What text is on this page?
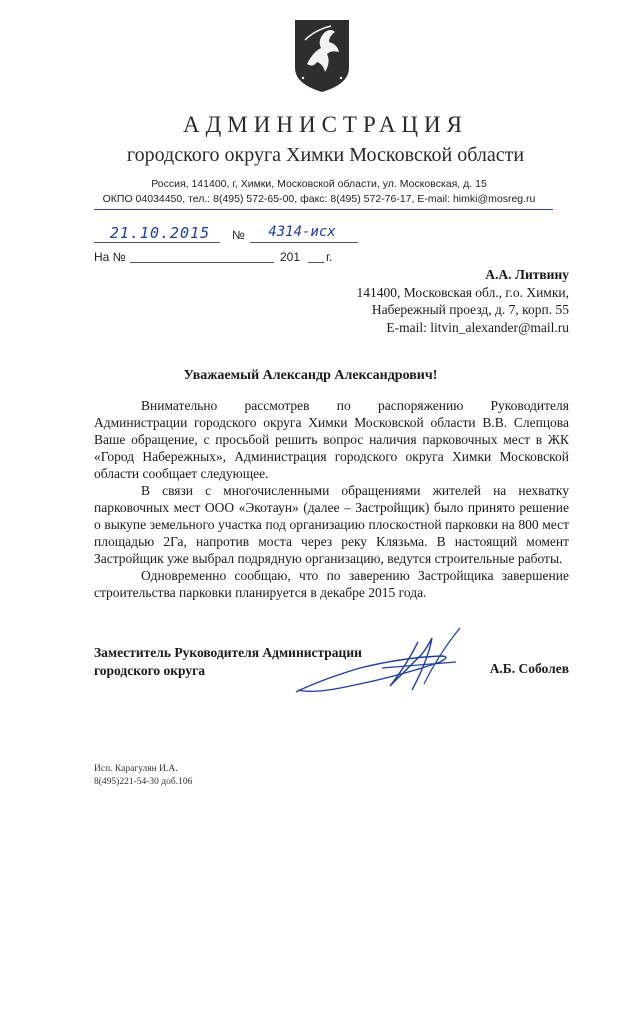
АДМИНИСТРАЦИЯ
городского округа Химки Московской области
Россия, 141400, г, Химки, Московской области, ул. Московская, д. 15
ОКПО 04034450, тел.: 8(495) 572-65-00, факс: 8(495) 572-76-17, E-mail: himki@mosreg.ru
21.10.2015	№	4314-исх
На №	201 г.
А.А. Литвину
141400, Московская обл., г.о. Химки,
Набережный проезд, д. 7, корп. 55
E-mail: litvin_alexander@mail.ru
Уважаемый Александр Александрович!

Внимательно рассмотрев по распоряжению Руководителя Администрации городского округа Химки Московской области В.В. Слепцова Ваше обращение, с просьбой решить вопрос наличия парковочных мест в ЖК «Город Набережных», Администрация городского округа Химки Московской области сообщает следующее.

В связи с многочисленными обращениями жителей на нехватку парковочных мест ООО «Экотаун» (далее – Застройщик) было принято решение о выкупе земельного участка под организацию плоскостной парковки на 800 мест площадью 2Га, напротив моста через реку Клязьма. В настоящий момент Застройщик уже выбрал подрядную организацию, ведутся строительные работы.

Одновременно сообщаю, что по заверению Застройщика завершение строительства парковки планируется в декабре 2015 года.

Заместитель Руководителя Администрации
городского округа	А.Б. Соболев
Исп. Карагулян И.А.
8(495)221-54-30 доб.106
